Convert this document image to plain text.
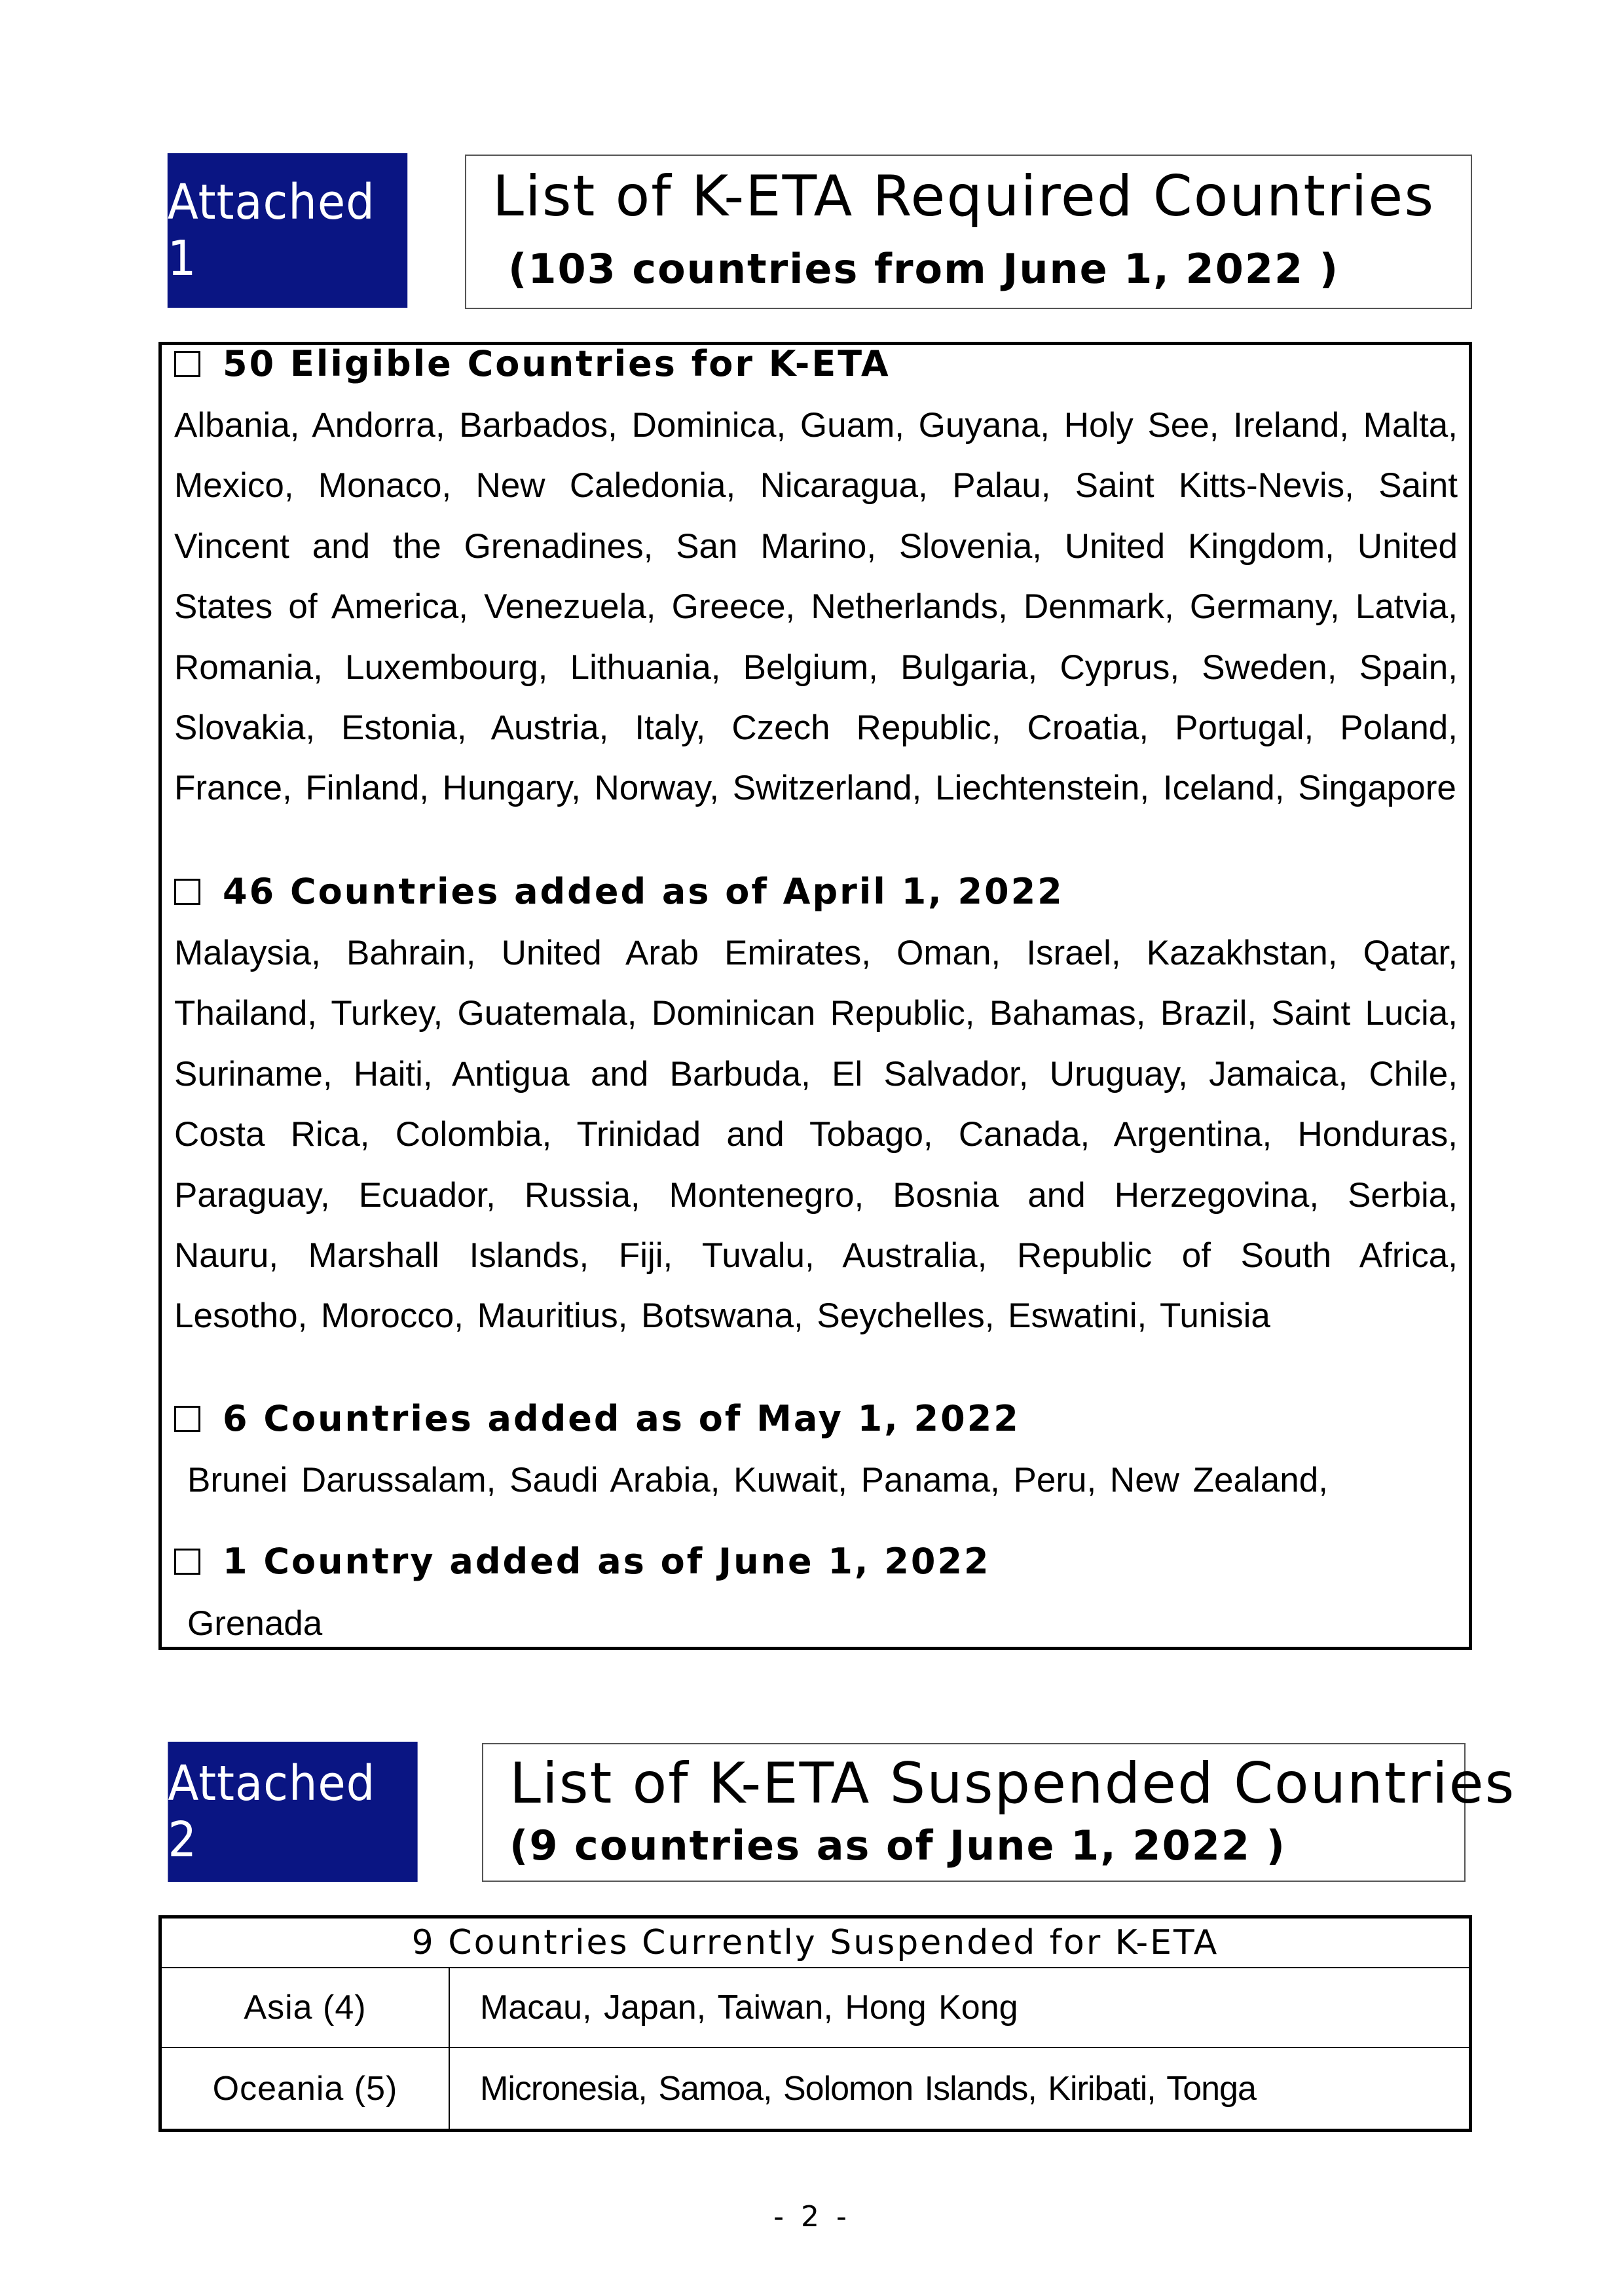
Attached 1
List of K-ETA Required Countries
(103 countries from June 1, 2022 )
50 Eligible Countries for K-ETA
Albania, Andorra, Barbados, Dominica, Guam, Guyana, Holy See, Ireland, Malta, Mexico, Monaco, New Caledonia, Nicaragua, Palau, Saint Kitts-Nevis, Saint Vincent and the Grenadines, San Marino, Slovenia, United Kingdom, United States of America, Venezuela, Greece, Netherlands, Denmark, Germany, Latvia, Romania, Luxembourg, Lithuania, Belgium, Bulgaria, Cyprus, Sweden, Spain, Slovakia, Estonia, Austria, Italy, Czech Republic, Croatia, Portugal, Poland, France, Finland, Hungary, Norway, Switzerland, Liechtenstein, Iceland, Singapore
46 Countries added as of April 1, 2022
Malaysia, Bahrain, United Arab Emirates, Oman, Israel, Kazakhstan, Qatar, Thailand, Turkey, Guatemala, Dominican Republic, Bahamas, Brazil, Saint Lucia, Suriname, Haiti, Antigua and Barbuda, El Salvador, Uruguay, Jamaica, Chile, Costa Rica, Colombia, Trinidad and Tobago, Canada, Argentina, Honduras, Paraguay, Ecuador, Russia, Montenegro, Bosnia and Herzegovina, Serbia, Nauru, Marshall Islands, Fiji, Tuvalu, Australia, Republic of South Africa, Lesotho, Morocco, Mauritius, Botswana, Seychelles, Eswatini, Tunisia
6 Countries added as of May 1, 2022
Brunei Darussalam, Saudi Arabia, Kuwait, Panama, Peru, New Zealand,
1 Country added as of June 1, 2022
Grenada
Attached 2
List of K-ETA Suspended Countries
(9 countries as of June 1, 2022 )
9 Countries Currently Suspended for K-ETA
Asia (4)	Macau, Japan, Taiwan, Hong Kong
Oceania (5)	Micronesia, Samoa, Solomon Islands, Kiribati, Tonga
- 2 -
